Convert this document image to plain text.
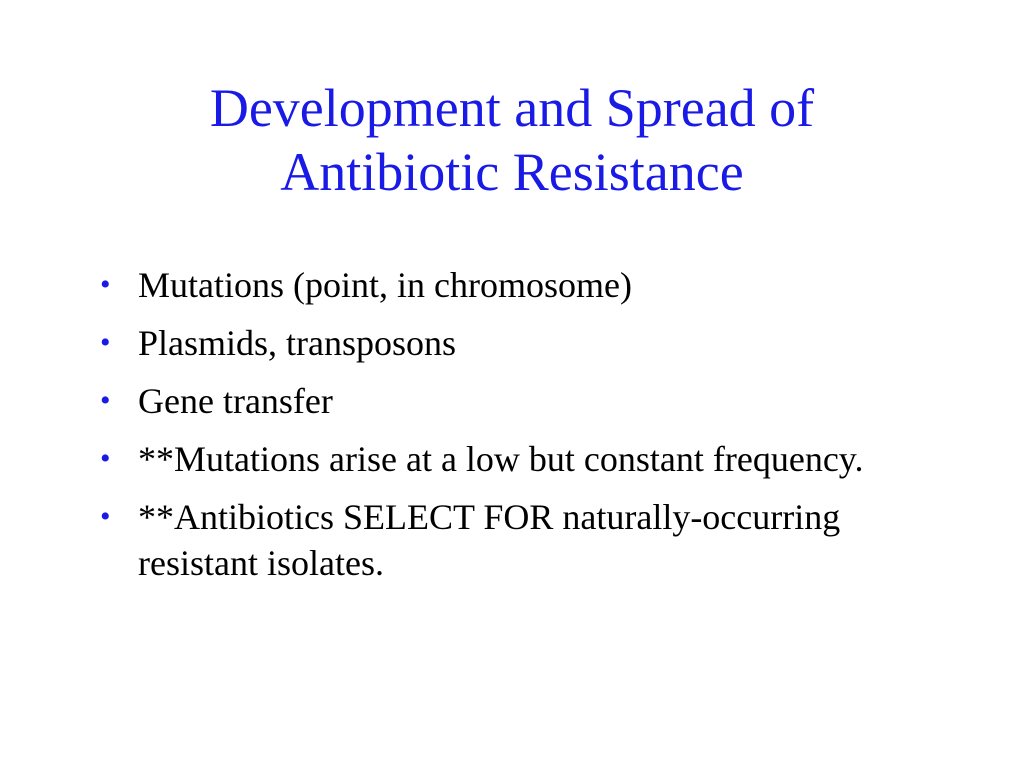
Development and Spread of
Antibiotic Resistance
• Mutations (point, in chromosome)
• Plasmids, transposons
• Gene transfer
• **Mutations arise at a low but constant frequency.
• **Antibiotics SELECT FOR naturally-occurring resistant isolates.
